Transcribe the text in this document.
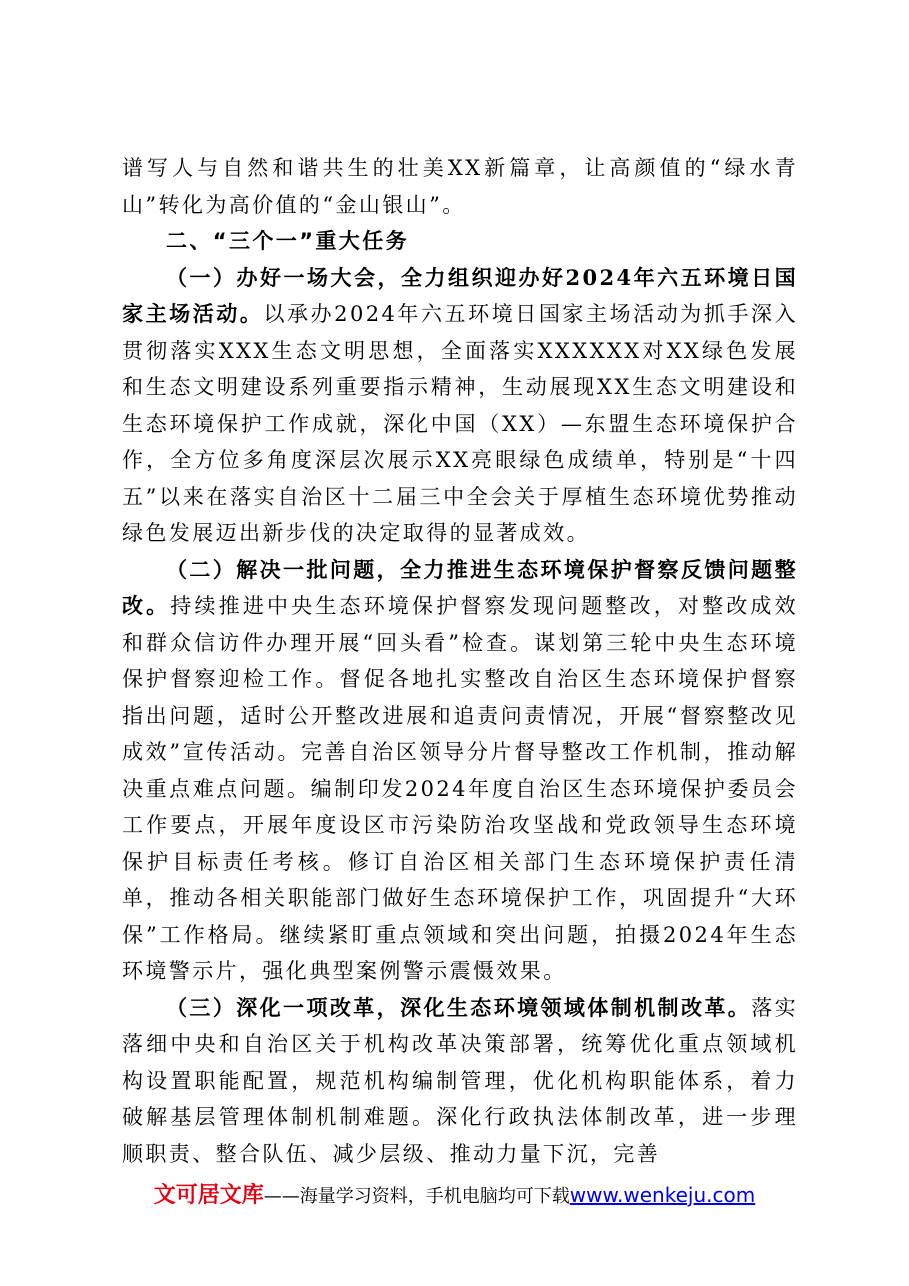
谱写人与自然和谐共生的壮美XX新篇章，让高颜值的“绿水青山”转化为高价值的“金山银山”。

二、“三个一”重大任务

（一）办好一场大会，全力组织迎办好2024年六五环境日国家主场活动。以承办2024年六五环境日国家主场活动为抓手深入贯彻落实XXX生态文明思想，全面落实XXXXXX对XX绿色发展和生态文明建设系列重要指示精神，生动展现XX生态文明建设和生态环境保护工作成就，深化中国（XX）—东盟生态环境保护合作，全方位多角度深层次展示XX亮眼绿色成绩单，特别是“十四五”以来在落实自治区十二届三中全会关于厚植生态环境优势推动绿色发展迈出新步伐的决定取得的显著成效。

（二）解决一批问题，全力推进生态环境保护督察反馈问题整改。持续推进中央生态环境保护督察发现问题整改，对整改成效和群众信访件办理开展“回头看”检查。谋划第三轮中央生态环境保护督察迎检工作。督促各地扎实整改自治区生态环境保护督察指出问题，适时公开整改进展和追责问责情况，开展“督察整改见成效”宣传活动。完善自治区领导分片督导整改工作机制，推动解决重点难点问题。编制印发2024年度自治区生态环境保护委员会工作要点，开展年度设区市污染防治攻坚战和党政领导生态环境保护目标责任考核。修订自治区相关部门生态环境保护责任清单，推动各相关职能部门做好生态环境保护工作，巩固提升“大环保”工作格局。继续紧盯重点领域和突出问题，拍摄2024年生态环境警示片，强化典型案例警示震慑效果。

（三）深化一项改革，深化生态环境领域体制机制改革。落实落细中央和自治区关于机构改革决策部署，统筹优化重点领域机构设置职能配置，规范机构编制管理，优化机构职能体系，着力破解基层管理体制机制难题。深化行政执法体制改革，进一步理顺职责、整合队伍、减少层级、推动力量下沉，完善

文可居文库——海量学习资料，手机电脑均可下载www.wenkeju.com
